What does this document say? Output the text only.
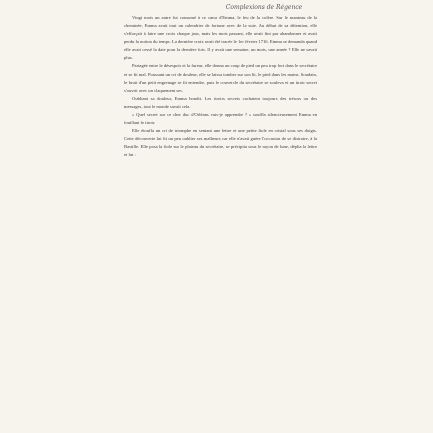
Complexions de Régence

Vingt mois un autre fut consumé à ce cœur d'Emma, le feu de la colère. Sur le manteau de la cheminée, Emma avait tout un calendrier de fortune avec de la suie. Au début de sa détention, elle s'efforçait à faire une croix chaque jour, mais les mois passant, elle avait fini par abandonner et avait perdu la notion du temps. La dernière croix avait été tracée le 1er février 1716. Emma se demanda quand elle avait cessé la date pour la dernière fois. Il y avait une semaine, un mois, une année ? Elle ne savait plus.

Partagée entre le désespoir et la fureur, elle donna un coup de pied un peu trop fort dans le secrétaire et se fit mal. Poussant un cri de douleur, elle se laissa tomber sur son lit, le pied dans les mains. Soudain, le bruit d'un petit engrenage se fit entendre, puis le couvercle du secrétaire se souleva et un tiroir secret s'ouvrit avec un claquement sec.

Oubliant sa douleur, Emma bondit. Les tiroirs secrets cachaient toujours des trésors ou des messages, tout le monde savait cela.

« Quel secret sur ce cher duc d'Orléans vais-je apprendre ? » souffla silencieusement Emma en fouillant le tiroir.

Elle étouffa un cri de triomphe en sentant une lettre et une petite fiole en cristal sous ses doigts. Cette découverte lui fit un peu oublier ses malheurs car elle n'avait guère l'occasion de se distraire, à la Bastille. Elle posa la fiole sur le plateau du secrétaire, se précipita sous le rayon de lune, déplia la lettre et lut :
